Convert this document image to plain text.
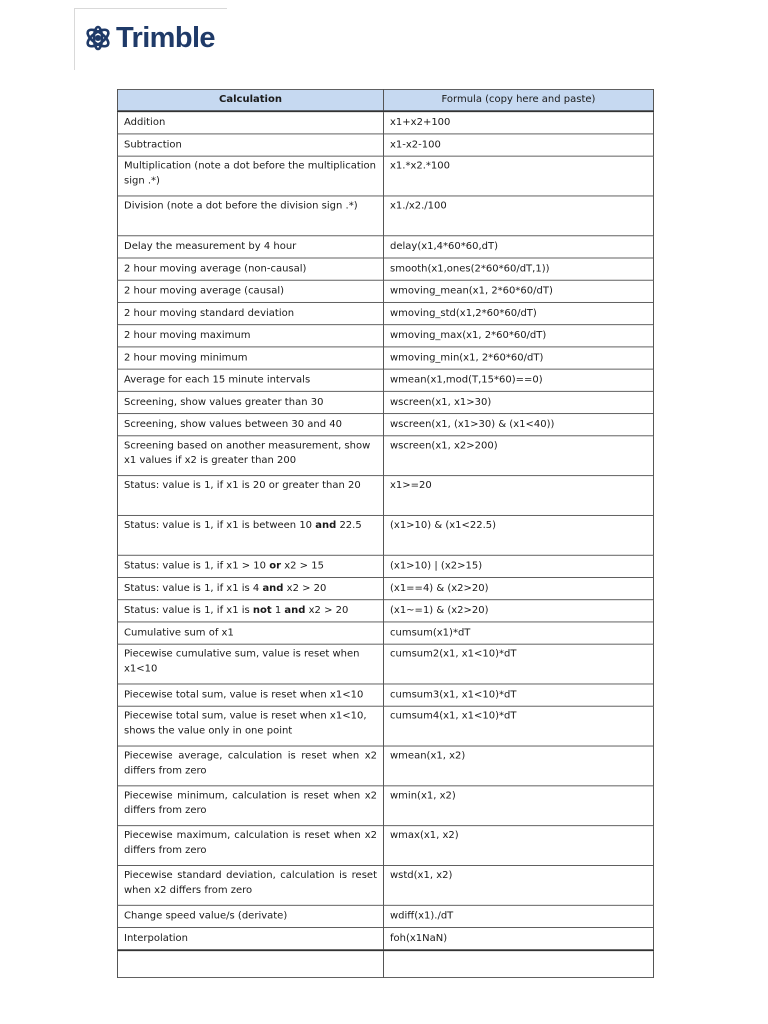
Trimble
Calculation	Formula (copy here and paste)
Addition	x1+x2+100
Subtraction	x1-x2-100
Multiplication (note a dot before the multiplication sign .*)	x1.*x2.*100
Division (note a dot before the division sign .*)	x1./x2./100
Delay the measurement by 4 hour	delay(x1,4*60*60,dT)
2 hour moving average (non-causal)	smooth(x1,ones(2*60*60/dT,1))
2 hour moving average (causal)	wmoving_mean(x1, 2*60*60/dT)
2 hour moving standard deviation	wmoving_std(x1,2*60*60/dT)
2 hour moving maximum	wmoving_max(x1, 2*60*60/dT)
2 hour moving minimum	wmoving_min(x1, 2*60*60/dT)
Average for each 15 minute intervals	wmean(x1,mod(T,15*60)==0)
Screening, show values greater than 30	wscreen(x1, x1>30)
Screening, show values between 30 and 40	wscreen(x1, (x1>30) & (x1<40))
Screening based on another measurement, show x1 values if x2 is greater than 200	wscreen(x1, x2>200)
Status: value is 1, if x1 is 20 or greater than 20	x1>=20
Status: value is 1, if x1 is between 10 and 22.5	(x1>10) & (x1<22.5)
Status: value is 1, if x1 > 10 or x2 > 15	(x1>10) | (x2>15)
Status: value is 1, if x1 is 4 and x2 > 20	(x1==4) & (x2>20)
Status: value is 1, if x1 is not 1 and x2 > 20	(x1~=1) & (x2>20)
Cumulative sum of x1	cumsum(x1)*dT
Piecewise cumulative sum, value is reset when x1<10	cumsum2(x1, x1<10)*dT
Piecewise total sum, value is reset when x1<10	cumsum3(x1, x1<10)*dT
Piecewise total sum, value is reset when x1<10, shows the value only in one point	cumsum4(x1, x1<10)*dT
Piecewise average, calculation is reset when x2 differs from zero	wmean(x1, x2)
Piecewise minimum, calculation is reset when x2 differs from zero	wmin(x1, x2)
Piecewise maximum, calculation is reset when x2 differs from zero	wmax(x1, x2)
Piecewise standard deviation, calculation is reset when x2 differs from zero	wstd(x1, x2)
Change speed value/s (derivate)	wdiff(x1)./dT
Interpolation	foh(x1NaN)
